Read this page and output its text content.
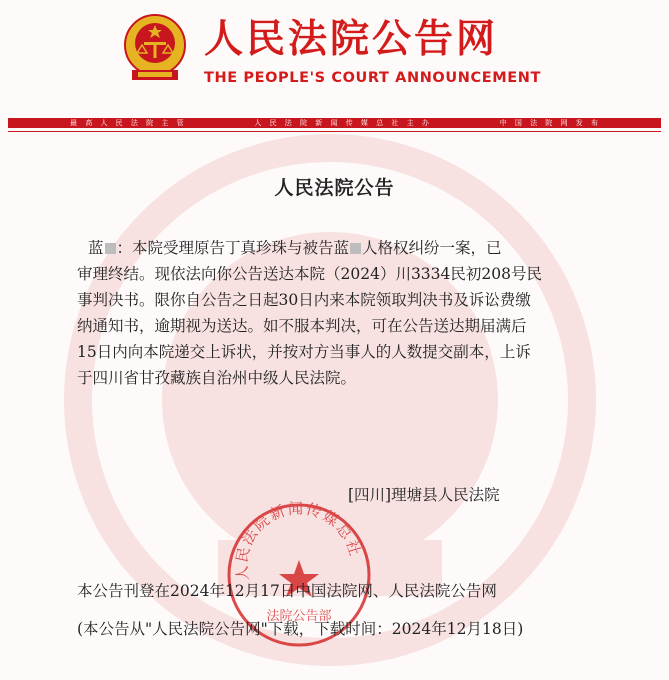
人民法院公告网
THE PEOPLE'S COURT ANNOUNCEMENT
最 高 人 民 法 院 主 管	人 民 法 院 新 闻 传 媒 总 社 主 办	中 国 法 院 网 发 布
人民法院公告
蓝 ：本院受理原告丁真珍珠与被告蓝 人格权纠纷一案，已
审理终结。现依法向你公告送达本院（2024）川3334民初208号民
事判决书。限你自公告之日起30日内来本院领取判决书及诉讼费缴
纳通知书，逾期视为送达。如不服本判决，可在公告送达期届满后
15日内向本院递交上诉状，并按对方当事人的人数提交副本，上诉
于四川省甘孜藏族自治州中级人民法院。
[四川]理塘县人民法院
人民法院新闻传媒总社
法院公告部
本公告刊登在2024年12月17日中国法院网、人民法院公告网
(本公告从"人民法院公告网"下载，下载时间：2024年12月18日)
